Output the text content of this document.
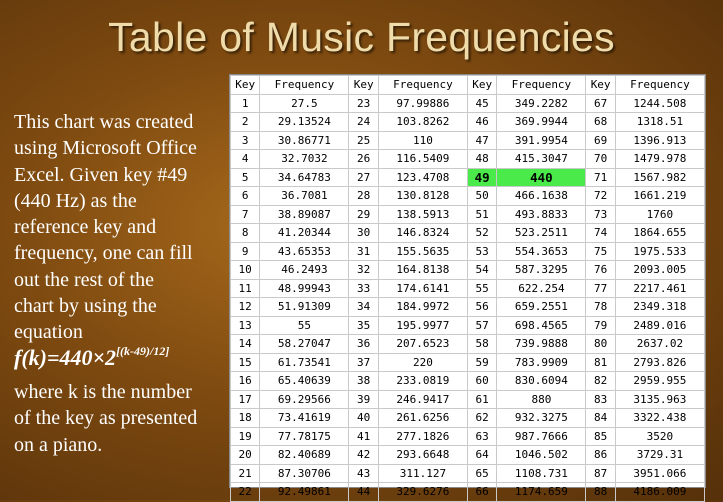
Table of Music Frequencies

This chart was created

using Microsoft Office

Excel. Given key #49

(440 Hz) as the

reference key and

frequency, one can fill

out the rest of the

chart by using the

equation

f(k)=440×2[(k-49)/12]

where k is the number

of the key as presented

on a piano.

Key	Frequency	Key	Frequency	Key	Frequency	Key	Frequency
1	27.5	23	97.99886	45	349.2282	67	1244.508
2	29.13524	24	103.8262	46	369.9944	68	1318.51
3	30.86771	25	110	47	391.9954	69	1396.913
4	32.7032	26	116.5409	48	415.3047	70	1479.978
5	34.64783	27	123.4708	49	440	71	1567.982
6	36.7081	28	130.8128	50	466.1638	72	1661.219
7	38.89087	29	138.5913	51	493.8833	73	1760
8	41.20344	30	146.8324	52	523.2511	74	1864.655
9	43.65353	31	155.5635	53	554.3653	75	1975.533
10	46.2493	32	164.8138	54	587.3295	76	2093.005
11	48.99943	33	174.6141	55	622.254	77	2217.461
12	51.91309	34	184.9972	56	659.2551	78	2349.318
13	55	35	195.9977	57	698.4565	79	2489.016
14	58.27047	36	207.6523	58	739.9888	80	2637.02
15	61.73541	37	220	59	783.9909	81	2793.826
16	65.40639	38	233.0819	60	830.6094	82	2959.955
17	69.29566	39	246.9417	61	880	83	3135.963
18	73.41619	40	261.6256	62	932.3275	84	3322.438
19	77.78175	41	277.1826	63	987.7666	85	3520
20	82.40689	42	293.6648	64	1046.502	86	3729.31
21	87.30706	43	311.127	65	1108.731	87	3951.066
22	92.49861	44	329.6276	66	1174.659	88	4186.009
